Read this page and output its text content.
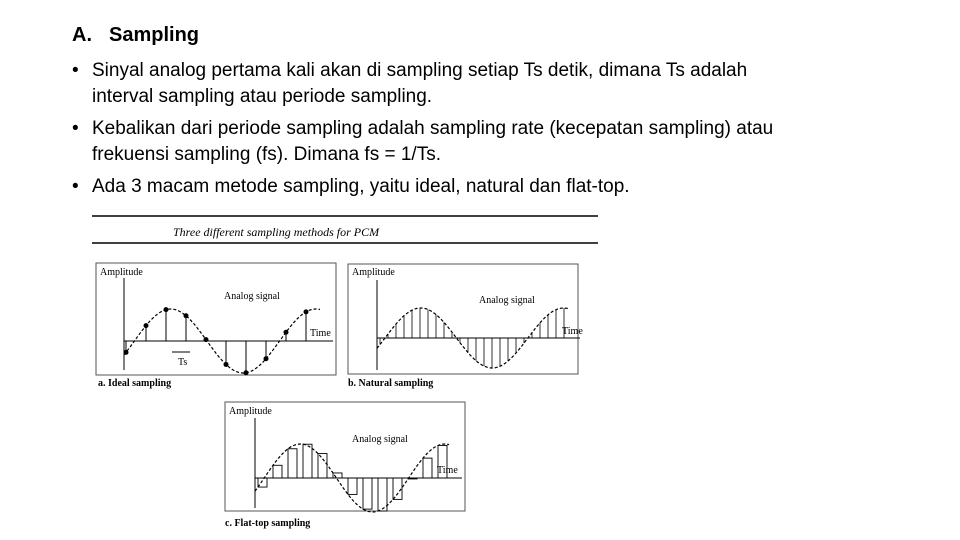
A. Sampling
• Sinyal analog pertama kali akan di sampling setiap Ts detik, dimana Ts adalah
interval sampling atau periode sampling.
• Kebalikan dari periode sampling adalah sampling rate (kecepatan sampling) atau
frekuensi sampling (fs). Dimana fs = 1/Ts.
• Ada 3 macam metode sampling, yaitu ideal, natural dan flat-top.
Three different sampling methods for PCM
Amplitude
Analog signal
Time
Ts
a. Ideal sampling
Amplitude
Analog signal
Time
b. Natural sampling
Amplitude
Analog signal
Time
c. Flat-top sampling
